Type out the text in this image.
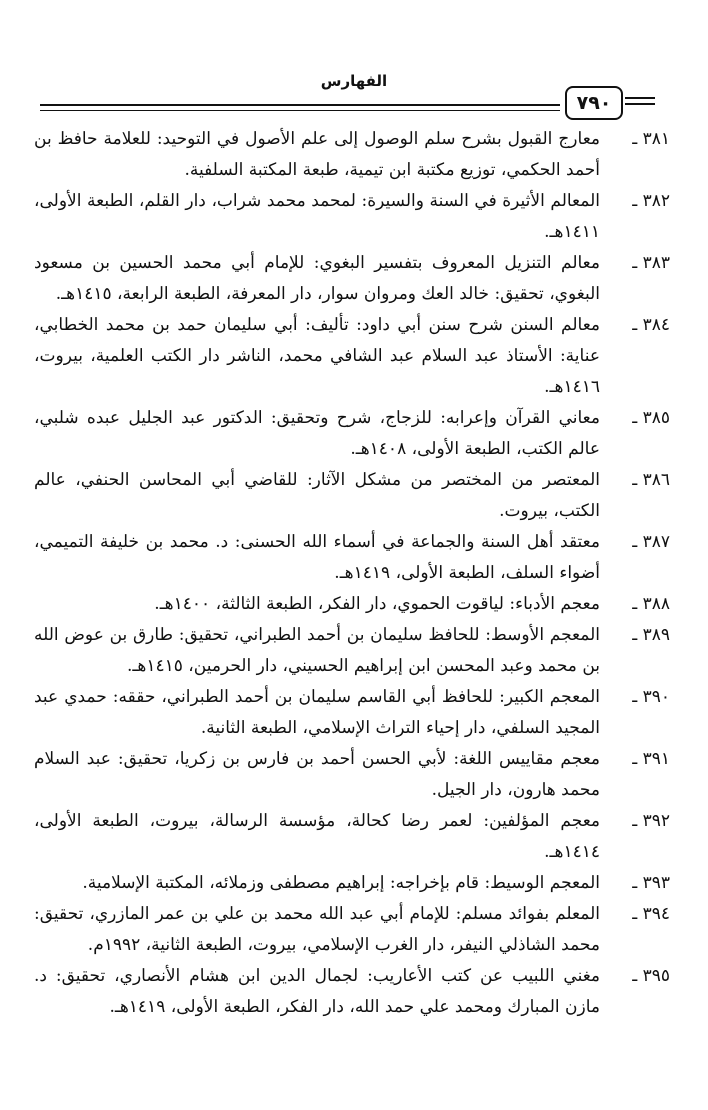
الفهارس
٧٩٠
٣٨١ ـ
معارج القبول بشرح سلم الوصول إلى علم الأصول في التوحيد: للعلامة حافظ بن أحمد الحكمي، توزيع مكتبة ابن تيمية، طبعة المكتبة السلفية.
٣٨٢ ـ
المعالم الأثيرة في السنة والسيرة: لمحمد محمد شراب، دار القلم، الطبعة الأولى، ١٤١١هـ.
٣٨٣ ـ
معالم التنزيل المعروف بتفسير البغوي: للإمام أبي محمد الحسين بن مسعود البغوي، تحقيق: خالد العك ومروان سوار، دار المعرفة، الطبعة الرابعة، ١٤١٥هـ.
٣٨٤ ـ
معالم السنن شرح سنن أبي داود: تأليف: أبي سليمان حمد بن محمد الخطابي، عناية: الأستاذ عبد السلام عبد الشافي محمد، الناشر دار الكتب العلمية، بيروت، ١٤١٦هـ.
٣٨٥ ـ
معاني القرآن وإعرابه: للزجاج، شرح وتحقيق: الدكتور عبد الجليل عبده شلبي، عالم الكتب، الطبعة الأولى، ١٤٠٨هـ.
٣٨٦ ـ
المعتصر من المختصر من مشكل الآثار: للقاضي أبي المحاسن الحنفي، عالم الكتب، بيروت.
٣٨٧ ـ
معتقد أهل السنة والجماعة في أسماء الله الحسنى: د. محمد بن خليفة التميمي، أضواء السلف، الطبعة الأولى، ١٤١٩هـ.
٣٨٨ ـ
معجم الأدباء: لياقوت الحموي، دار الفكر، الطبعة الثالثة، ١٤٠٠هـ.
٣٨٩ ـ
المعجم الأوسط: للحافظ سليمان بن أحمد الطبراني، تحقيق: طارق بن عوض الله بن محمد وعبد المحسن ابن إبراهيم الحسيني، دار الحرمين، ١٤١٥هـ.
٣٩٠ ـ
المعجم الكبير: للحافظ أبي القاسم سليمان بن أحمد الطبراني، حققه: حمدي عبد المجيد السلفي، دار إحياء التراث الإسلامي، الطبعة الثانية.
٣٩١ ـ
معجم مقاييس اللغة: لأبي الحسن أحمد بن فارس بن زكريا، تحقيق: عبد السلام محمد هارون، دار الجيل.
٣٩٢ ـ
معجم المؤلفين: لعمر رضا كحالة، مؤسسة الرسالة، بيروت، الطبعة الأولى، ١٤١٤هـ.
٣٩٣ ـ
المعجم الوسيط: قام بإخراجه: إبراهيم مصطفى وزملائه، المكتبة الإسلامية.
٣٩٤ ـ
المعلم بفوائد مسلم: للإمام أبي عبد الله محمد بن علي بن عمر المازري، تحقيق: محمد الشاذلي النيفر، دار الغرب الإسلامي، بيروت، الطبعة الثانية، ١٩٩٢م.
٣٩٥ ـ
مغني اللبيب عن كتب الأعاريب: لجمال الدين ابن هشام الأنصاري، تحقيق: د. مازن المبارك ومحمد علي حمد الله، دار الفكر، الطبعة الأولى، ١٤١٩هـ.
